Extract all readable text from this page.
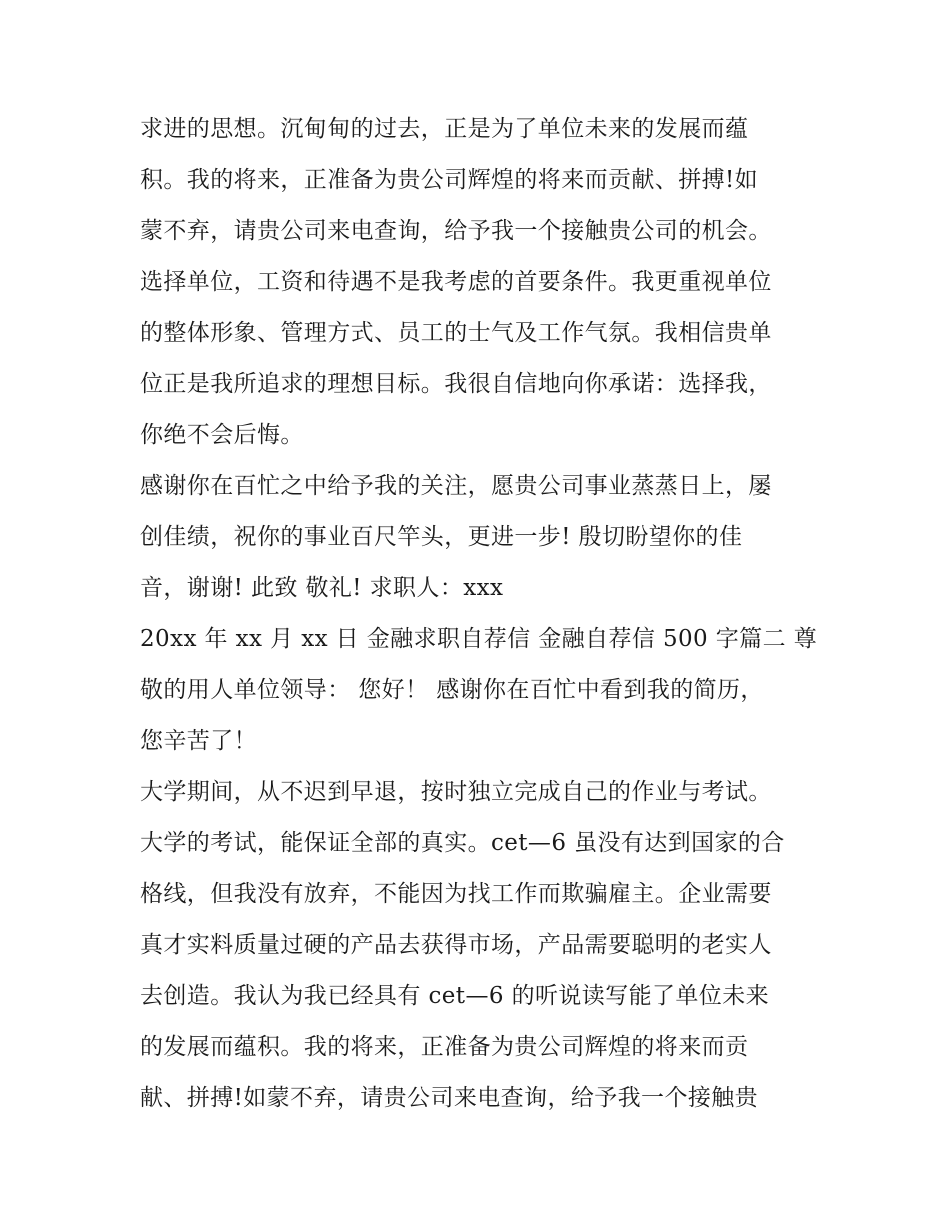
求进的思想。沉甸甸的过去，正是为了单位未来的发展而蕴
积。我的将来，正准备为贵公司辉煌的将来而贡献、拼搏!如
蒙不弃，请贵公司来电查询，给予我一个接触贵公司的机会。
选择单位，工资和待遇不是我考虑的首要条件。我更重视单位
的整体形象、管理方式、员工的士气及工作气氛。我相信贵单
位正是我所追求的理想目标。我很自信地向你承诺：选择我，
你绝不会后悔。
感谢你在百忙之中给予我的关注，愿贵公司事业蒸蒸日上，屡
创佳绩，祝你的事业百尺竿头，更进一步! 殷切盼望你的佳
音，谢谢! 此致 敬礼! 求职人：xxx
20xx 年 xx 月 xx 日 金融求职自荐信 金融自荐信 500 字篇二 尊
敬的用人单位领导： 您好！ 感谢你在百忙中看到我的简历，
您辛苦了！
大学期间，从不迟到早退，按时独立完成自己的作业与考试。
大学的考试，能保证全部的真实。cet—6 虽没有达到国家的合
格线，但我没有放弃，不能因为找工作而欺骗雇主。企业需要
真才实料质量过硬的产品去获得市场，产品需要聪明的老实人
去创造。我认为我已经具有 cet—6 的听说读写能了单位未来
的发展而蕴积。我的将来，正准备为贵公司辉煌的将来而贡
献、拼搏!如蒙不弃，请贵公司来电查询，给予我一个接触贵
